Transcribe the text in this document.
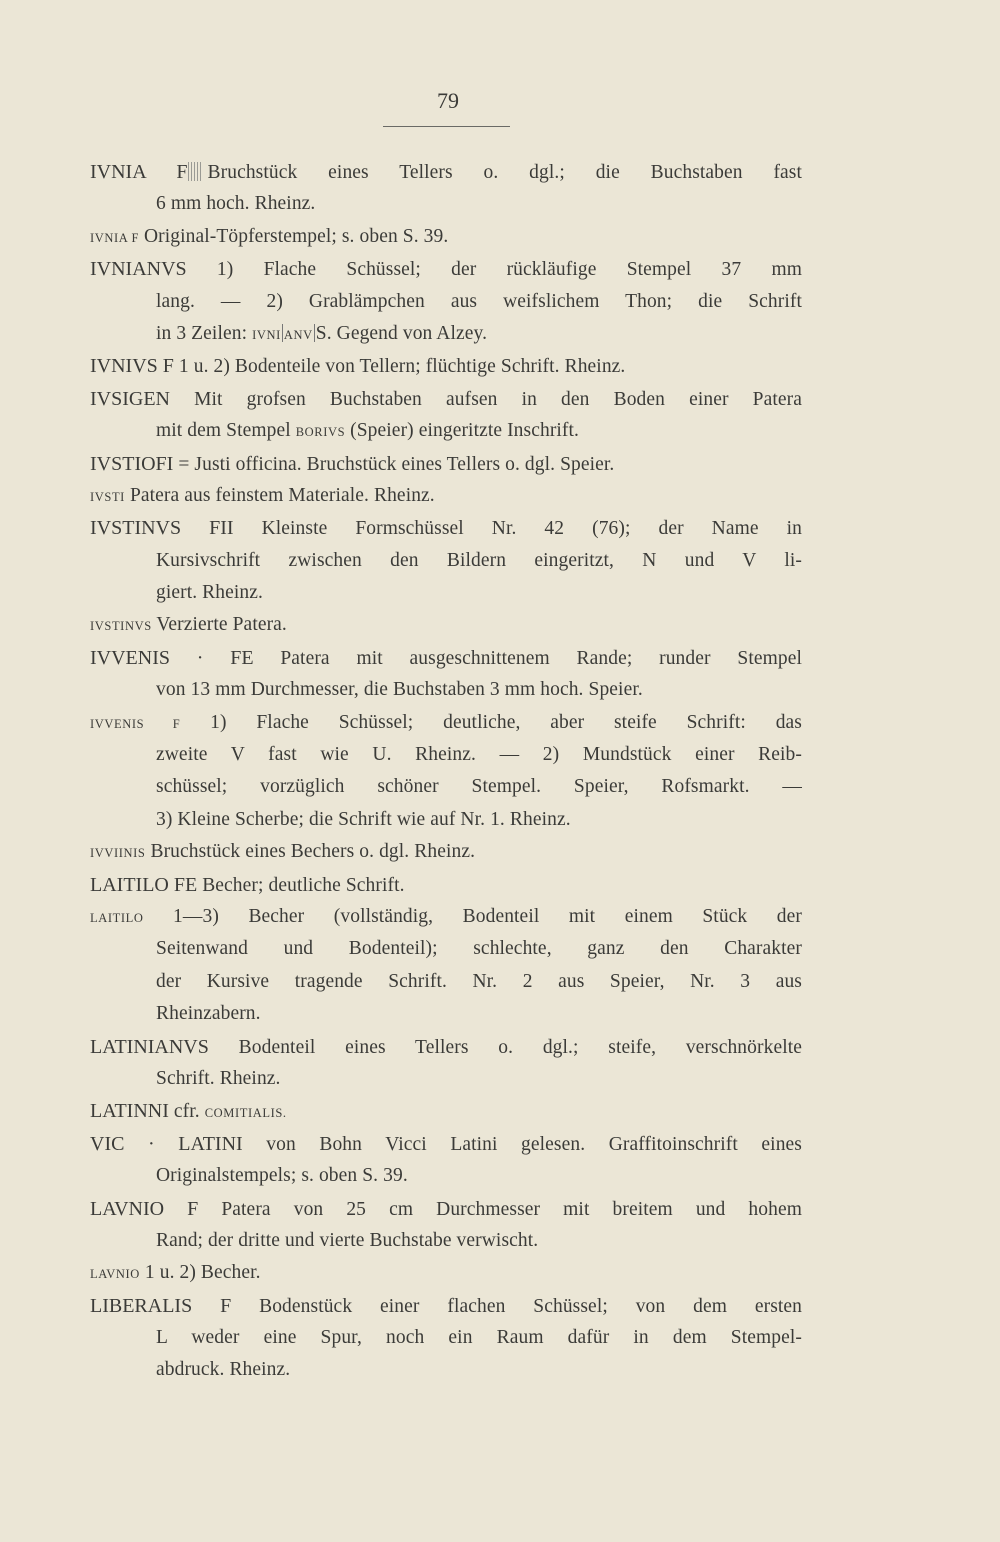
79
IVNIA F Bruchstück eines Tellers o. dgl.; die Buchstaben fast
6 mm hoch. Rheinz.
IVNIA F Original-Töpferstempel; s. oben S. 39.
IVNIANVS 1) Flache Schüssel; der rückläufige Stempel 37 mm
lang. — 2) Grablämpchen aus weifslichem Thon; die Schrift
in 3 Zeilen: IVNI ANV S. Gegend von Alzey.
IVNIVS F 1 u. 2) Bodenteile von Tellern; flüchtige Schrift. Rheinz.
IVSIGEN Mit grofsen Buchstaben aufsen in den Boden einer Patera
mit dem Stempel BORIVS (Speier) eingeritzte Inschrift.
IVSTIOFI = Justi officina. Bruchstück eines Tellers o. dgl. Speier.
IVSTI Patera aus feinstem Materiale. Rheinz.
IVSTINVS FII Kleinste Formschüssel Nr. 42 (76); der Name in
Kursivschrift zwischen den Bildern eingeritzt, N und V li-
giert. Rheinz.
IVSTINVS Verzierte Patera.
IVVENIS · FE Patera mit ausgeschnittenem Rande; runder Stempel
von 13 mm Durchmesser, die Buchstaben 3 mm hoch. Speier.
IVVENIS F 1) Flache Schüssel; deutliche, aber steife Schrift: das
zweite V fast wie U. Rheinz. — 2) Mundstück einer Reib-
schüssel; vorzüglich schöner Stempel. Speier, Rofsmarkt. —
3) Kleine Scherbe; die Schrift wie auf Nr. 1. Rheinz.
IVVIINIS Bruchstück eines Bechers o. dgl. Rheinz.
LAITILO FE Becher; deutliche Schrift.
LAITILO 1—3) Becher (vollständig, Bodenteil mit einem Stück der
Seitenwand und Bodenteil); schlechte, ganz den Charakter
der Kursive tragende Schrift. Nr. 2 aus Speier, Nr. 3 aus
Rheinzabern.
LATINIANVS Bodenteil eines Tellers o. dgl.; steife, verschnörkelte
Schrift. Rheinz.
LATINNI cfr. COMITIALIS.
VIC · LATINI von Bohn Vicci Latini gelesen. Graffitoinschrift eines
Originalstempels; s. oben S. 39.
LAVNIO F Patera von 25 cm Durchmesser mit breitem und hohem
Rand; der dritte und vierte Buchstabe verwischt.
LAVNIO 1 u. 2) Becher.
LIBERALIS F Bodenstück einer flachen Schüssel; von dem ersten
L weder eine Spur, noch ein Raum dafür in dem Stempel-
abdruck. Rheinz.
